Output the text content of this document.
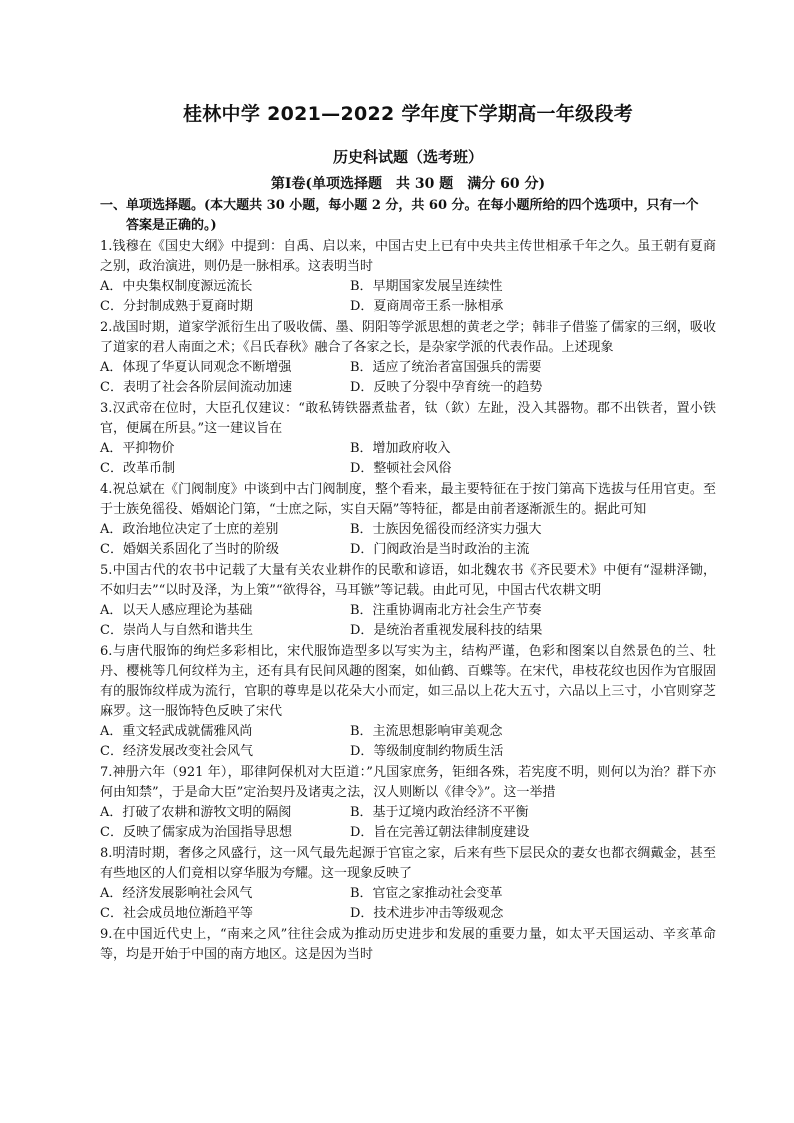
桂林中学 2021—2022 学年度下学期高一年级段考
历史科试题（选考班）
第Ⅰ卷(单项选择题　共 30 题　满分 60 分)
一、单项选择题。(本大题共 30 小题，每小题 2 分，共 60 分。在每小题所给的四个选项中，只有一个
答案是正确的。)
1.钱穆在《国史大纲》中提到：自禹、启以来，中国古史上已有中央共主传世相承千年之久。虽王朝有夏商之别，政治演进，则仍是一脉相承。这表明当时
A．中央集权制度源远流长	B．早期国家发展呈连续性
C．分封制成熟于夏商时期	D．夏商周帝王系一脉相承
2.战国时期，道家学派衍生出了吸收儒、墨、阴阳等学派思想的黄老之学；韩非子借鉴了儒家的三纲，吸收了道家的君人南面之术；《吕氏春秋》融合了各家之长，是杂家学派的代表作品。上述现象
A．体现了华夏认同观念不断增强	B．适应了统治者富国强兵的需要
C．表明了社会各阶层间流动加速	D．反映了分裂中孕育统一的趋势
3.汉武帝在位时，大臣孔仅建议：“敢私铸铁器煮盐者，钛（欽）左趾，没入其器物。郡不出铁者，置小铁官，便属在所县。”这一建议旨在
A．平抑物价	B．增加政府收入
C．改革币制	D．整顿社会风俗
4.祝总斌在《门阀制度》中谈到中古门阀制度，整个看来，最主要特征在于按门第高下选拔与任用官吏。至于士族免徭役、婚姻论门第，“士庶之际，实自天隔”等特征，都是由前者逐渐派生的。据此可知
A．政治地位决定了士庶的差别	B．士族因免徭役而经济实力强大
C．婚姻关系固化了当时的阶级	D．门阀政治是当时政治的主流
5.中国古代的农书中记载了大量有关农业耕作的民歌和谚语，如北魏农书《齐民要术》中便有“湿耕泽锄，不如归去”“以时及泽，为上策”“欲得谷，马耳镞”等记载。由此可见，中国古代农耕文明
A．以天人感应理论为基础	B．注重协调南北方社会生产节奏
C．崇尚人与自然和谐共生	D．是统治者重视发展科技的结果
6.与唐代服饰的绚烂多彩相比，宋代服饰造型多以写实为主，结构严谨，色彩和图案以自然景色的兰、牡丹、樱桃等几何纹样为主，还有具有民间风趣的图案，如仙鹤、百蝶等。在宋代，串枝花纹也因作为官服固有的服饰纹样成为流行，官职的尊卑是以花朵大小而定，如三品以上花大五寸，六品以上三寸，小官则穿芝麻罗。这一服饰特色反映了宋代
A．重文轻武成就儒雅风尚	B．主流思想影响审美观念
C．经济发展改变社会风气	D．等级制度制约物质生活
7.神册六年（921 年），耶律阿保机对大臣道：”凡国家庶务，钜细各殊，若宪度不明，则何以为治？群下亦何由知禁”，于是命大臣”定治契丹及诸夷之法，汉人则断以《律令》”。这一举措
A．打破了农耕和游牧文明的隔阂	B．基于辽境内政治经济不平衡
C．反映了儒家成为治国指导思想	D．旨在完善辽朝法律制度建设
8.明清时期，奢侈之风盛行，这一风气最先起源于官宦之家，后来有些下层民众的妻女也都衣绸戴金，甚至有些地区的人们竟相以穿华服为夸耀。这一现象反映了
A．经济发展影响社会风气	B．官宦之家推动社会变革
C．社会成员地位渐趋平等	D．技术进步冲击等级观念
9.在中国近代史上，“南来之风”往往会成为推动历史进步和发展的重要力量，如太平天国运动、辛亥革命等，均是开始于中国的南方地区。这是因为当时
